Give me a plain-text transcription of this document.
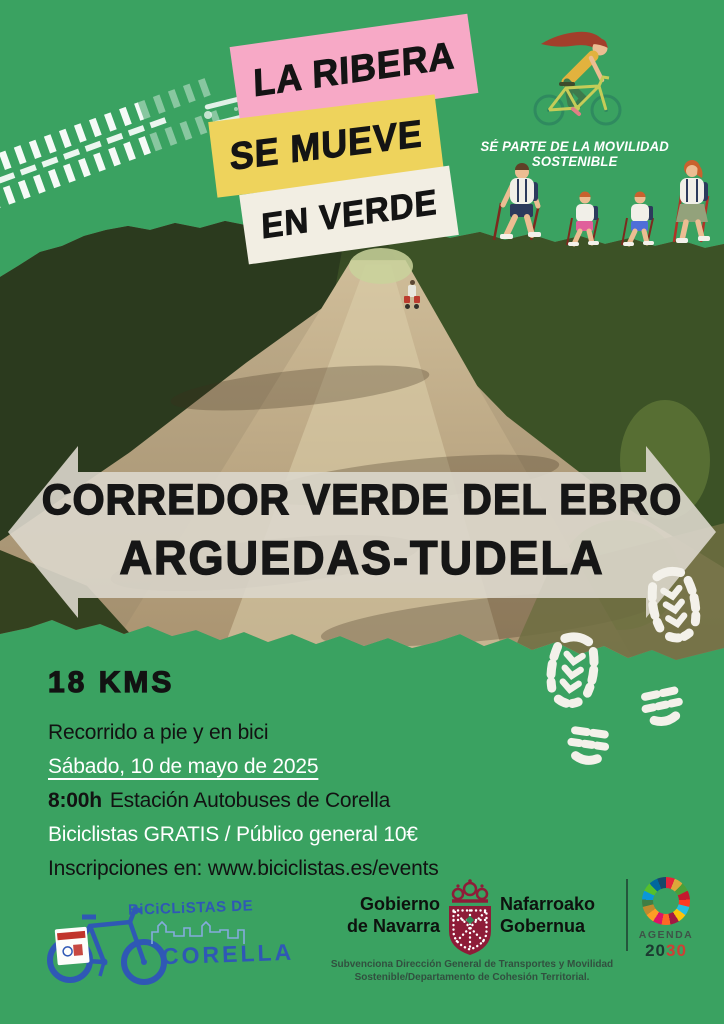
LA RIBERA
SE MUEVE
EN VERDE
SÉ PARTE DE LA MOVILIDAD SOSTENIBLE
CORREDOR VERDE DEL EBRO
ARGUEDAS-TUDELA
18 KMS
Recorrido a pie y en bici
Sábado, 10 de mayo de 2025
8:00h Estación Autobuses de Corella
Biciclistas GRATIS / Público general 10€
Inscripciones en: www.biciclistas.es/events
BiCiCLiSTAS DE
CORELLA
Gobierno
de Navarra
Nafarroako
Gobernua
Subvenciona Dirección General de Transportes y Movilidad Sostenible/Departamento de Cohesión Territorial.
AGENDA
2030
